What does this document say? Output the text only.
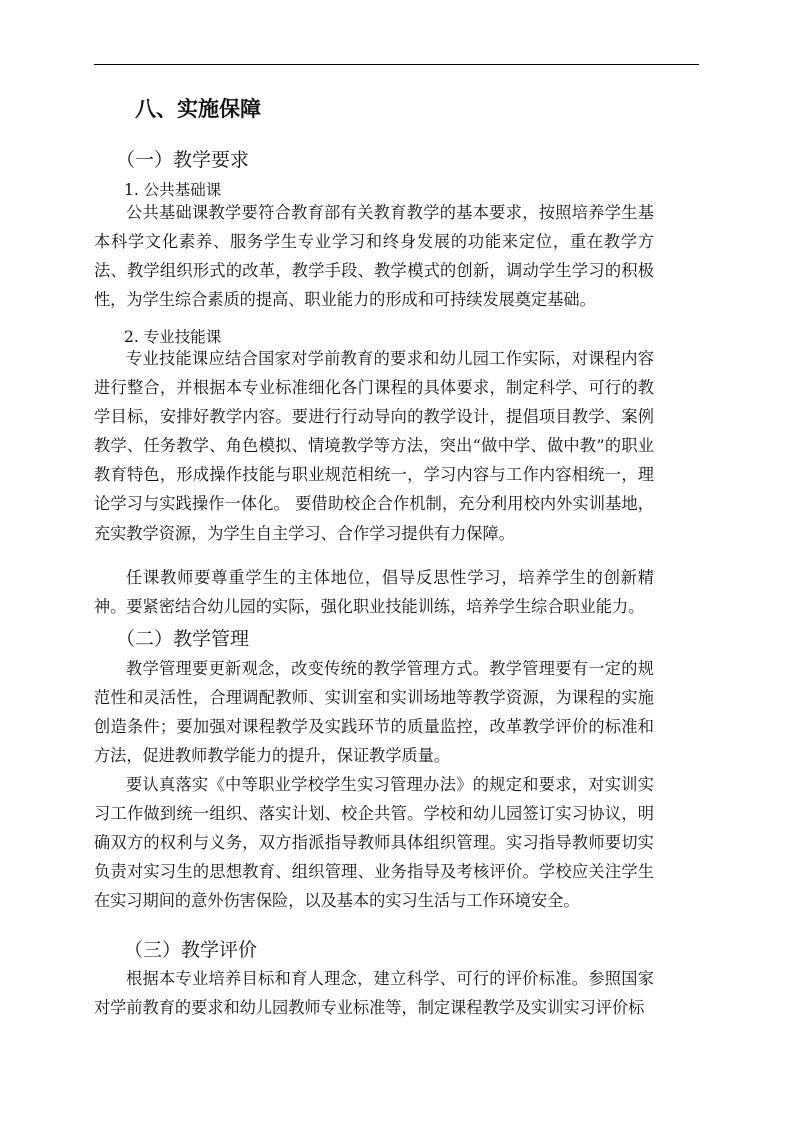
八、实施保障
（一）教学要求
1. 公共基础课
公共基础课教学要符合教育部有关教育教学的基本要求，按照培养学生基本科学文化素养、服务学生专业学习和终身发展的功能来定位，重在教学方法、教学组织形式的改革，教学手段、教学模式的创新，调动学生学习的积极性，为学生综合素质的提高、职业能力的形成和可持续发展奠定基础。
2. 专业技能课
专业技能课应结合国家对学前教育的要求和幼儿园工作实际，对课程内容进行整合，并根据本专业标准细化各门课程的具体要求，制定科学、可行的教学目标，安排好教学内容。要进行行动导向的教学设计，提倡项目教学、案例教学、任务教学、角色模拟、情境教学等方法，突出“做中学、做中教”的职业教育特色，形成操作技能与职业规范相统一，学习内容与工作内容相统一，理论学习与实践操作一体化。 要借助校企合作机制，充分利用校内外实训基地，充实教学资源，为学生自主学习、合作学习提供有力保障。
任课教师要尊重学生的主体地位，倡导反思性学习，培养学生的创新精神。要紧密结合幼儿园的实际，强化职业技能训练，培养学生综合职业能力。
（二）教学管理
教学管理要更新观念，改变传统的教学管理方式。教学管理要有一定的规范性和灵活性，合理调配教师、实训室和实训场地等教学资源，为课程的实施创造条件；要加强对课程教学及实践环节的质量监控，改革教学评价的标准和方法，促进教师教学能力的提升，保证教学质量。
要认真落实《中等职业学校学生实习管理办法》的规定和要求，对实训实习工作做到统一组织、落实计划、校企共管。学校和幼儿园签订实习协议，明确双方的权利与义务，双方指派指导教师具体组织管理。实习指导教师要切实负责对实习生的思想教育、组织管理、业务指导及考核评价。学校应关注学生在实习期间的意外伤害保险，以及基本的实习生活与工作环境安全。
（三）教学评价
根据本专业培养目标和育人理念，建立科学、可行的评价标准。参照国家对学前教育的要求和幼儿园教师专业标准等，制定课程教学及实训实习评价标
